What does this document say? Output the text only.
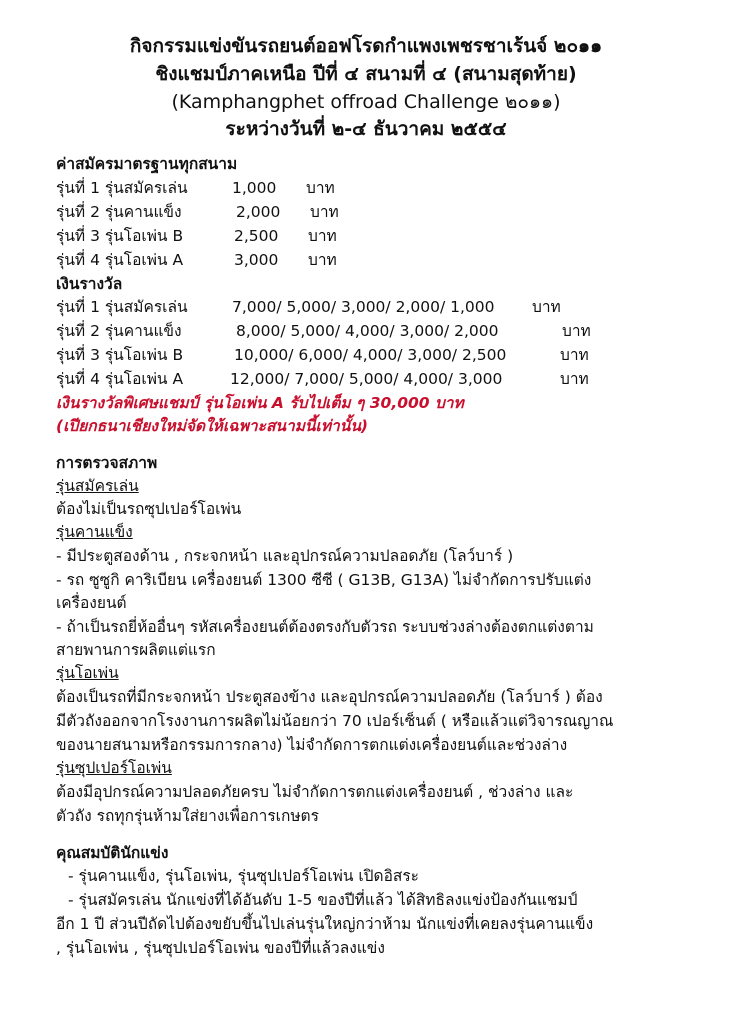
กิจกรรมแข่งขันรถยนต์ออฟโรดกำแพงเพชรชาเร้นจ์ ๒๐๑๑
ชิงแชมป์ภาคเหนือ ปีที่ ๔ สนามที่ ๔ (สนามสุดท้าย)
(Kamphangphet offroad Challenge ๒๐๑๑)
ระหว่างวันที่ ๒-๔ ธันวาคม ๒๕๕๔
ค่าสมัครมาตรฐานทุกสนาม
รุ่นที่ 1 รุ่นสมัครเล่น	1,000 บาท
รุ่นที่ 2 รุ่นคานแข็ง	2,000 บาท
รุ่นที่ 3 รุ่นโอเพ่น B	2,500 บาท
รุ่นที่ 4 รุ่นโอเพ่น A	3,000 บาท
เงินรางวัล
รุ่นที่ 1 รุ่นสมัครเล่น	7,000/ 5,000/ 3,000/ 2,000/ 1,000 บาท
รุ่นที่ 2 รุ่นคานแข็ง	8,000/ 5,000/ 4,000/ 3,000/ 2,000	บาท
รุ่นที่ 3 รุ่นโอเพ่น B	10,000/ 6,000/ 4,000/ 3,000/ 2,500	บาท
รุ่นที่ 4 รุ่นโอเพ่น A	12,000/ 7,000/ 5,000/ 4,000/ 3,000	บาท
เงินรางวัลพิเศษแชมป์ รุ่นโอเพ่น A รับไปเต็ม ๆ 30,000 บาท
(เปียกธนาเชียงใหม่จัดให้เฉพาะสนามนี้เท่านั้น)
การตรวจสภาพ
รุ่นสมัครเล่น
ต้องไม่เป็นรถซุปเปอร์โอเพ่น
รุ่นคานแข็ง
- มีประตูสองด้าน , กระจกหน้า และอุปกรณ์ความปลอดภัย (โลว์บาร์ )
- รถ ซูซูกิ คาริเบียน เครื่องยนต์ 1300 ซีซี ( G13B, G13A) ไม่จำกัดการปรับแต่ง
เครื่องยนต์
- ถ้าเป็นรถยี่ห้ออื่นๆ รหัสเครื่องยนต์ต้องตรงกับตัวรถ ระบบช่วงล่างต้องตกแต่งตาม
สายพานการผลิตแต่แรก
รุ่นโอเพ่น
ต้องเป็นรถที่มีกระจกหน้า ประตูสองข้าง และอุปกรณ์ความปลอดภัย (โลว์บาร์ ) ต้อง
มีตัวถังออกจากโรงงานการผลิตไม่น้อยกว่า 70 เปอร์เซ็นต์ ( หรือแล้วแต่วิจารณญาณ
ของนายสนามหรือกรรมการกลาง) ไม่จำกัดการตกแต่งเครื่องยนต์และช่วงล่าง
รุ่นซุปเปอร์โอเพ่น
ต้องมีอุปกรณ์ความปลอดภัยครบ ไม่จำกัดการตกแต่งเครื่องยนต์ , ช่วงล่าง และ
ตัวถัง รถทุกรุ่นห้ามใส่ยางเพื่อการเกษตร
คุณสมบัตินักแข่ง
- รุ่นคานแข็ง, รุ่นโอเพ่น, รุ่นซุปเปอร์โอเพ่น เปิดอิสระ
- รุ่นสมัครเล่น นักแข่งที่ได้อันดับ 1-5 ของปีที่แล้ว ได้สิทธิลงแข่งป้องกันแชมป์
อีก 1 ปี ส่วนปีถัดไปต้องขยับขึ้นไปเล่นรุ่นใหญ่กว่าห้าม นักแข่งที่เคยลงรุ่นคานแข็ง
, รุ่นโอเพ่น , รุ่นซุปเปอร์โอเพ่น ของปีที่แล้วลงแข่ง
